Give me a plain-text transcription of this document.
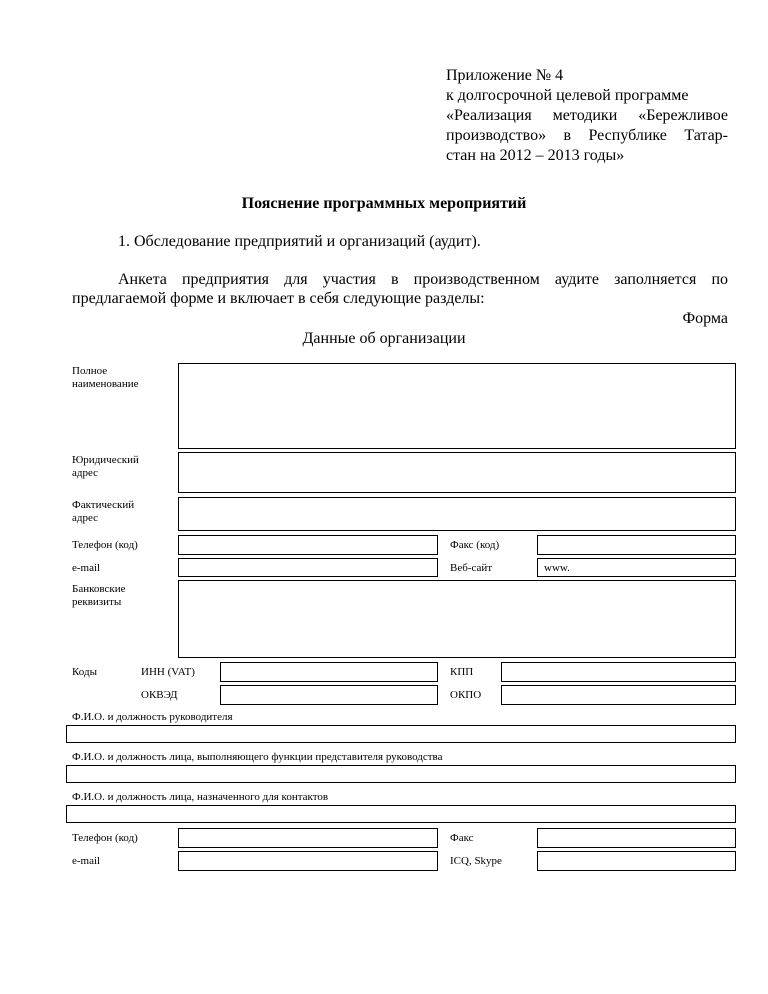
Приложение № 4
к долгосрочной целевой программе
«Реализация методики «Бережливое
производство» в Республике Татар-
стан на 2012 – 2013 годы»
Пояснение программных мероприятий
1. Обследование предприятий и организаций (аудит).
Анкета предприятия для участия в производственном аудите заполняется по
предлагаемой форме и включает в себя следующие разделы:
Форма
Данные об организации
Полное
наименование
Юридический
адрес
Фактический
адрес
Телефон (код)	Факс (код)
e-mail	Веб-сайт	www.
Банковские
реквизиты
Коды	ИНН (VAT)	КПП
ОКВЭД	ОКПО
Ф.И.О. и должность руководителя
Ф.И.О. и должность лица, выполняющего функции представителя руководства
Ф.И.О. и должность лица, назначенного для контактов
Телефон (код)	Факс
e-mail	ICQ, Skype
